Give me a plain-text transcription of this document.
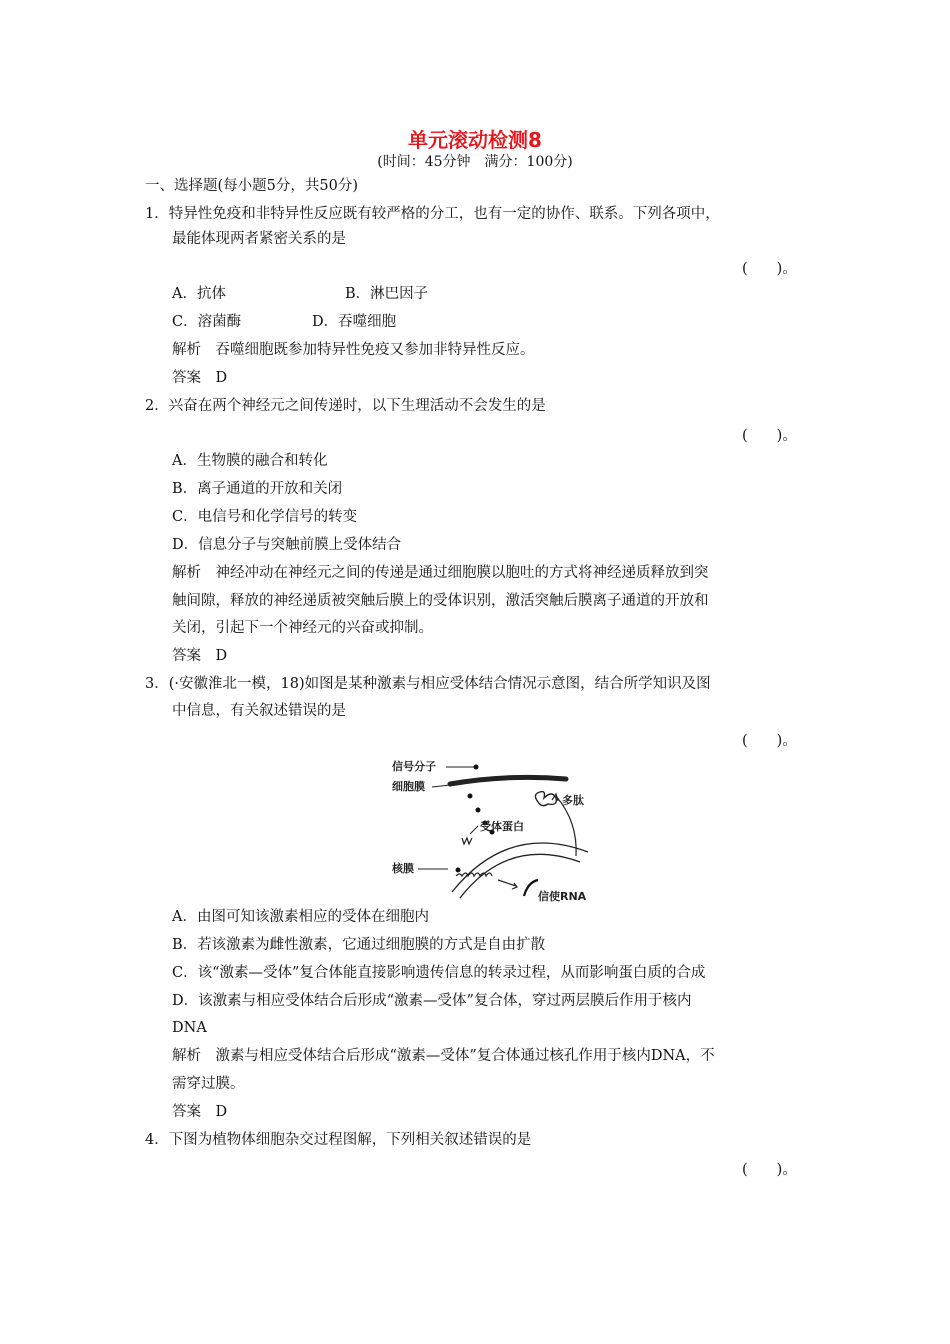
单元滚动检测8
(时间：45分钟　满分：100分)
一、选择题(每小题5分，共50分)
1．特异性免疫和非特异性反应既有较严格的分工，也有一定的协作、联系。下列各项中，
最能体现两者紧密关系的是
(　　)。
A．抗体	B．淋巴因子
C．溶菌酶	D．吞噬细胞
解析　吞噬细胞既参加特异性免疫又参加非特异性反应。
答案　D
2．兴奋在两个神经元之间传递时，以下生理活动不会发生的是
(　　)。
A．生物膜的融合和转化
B．离子通道的开放和关闭
C．电信号和化学信号的转变
D．信息分子与突触前膜上受体结合
解析　神经冲动在神经元之间的传递是通过细胞膜以胞吐的方式将神经递质释放到突
触间隙，释放的神经递质被突触后膜上的受体识别，激活突触后膜离子通道的开放和
关闭，引起下一个神经元的兴奋或抑制。
答案　D
3．(·安徽淮北一模，18)如图是某种激素与相应受体结合情况示意图，结合所学知识及图
中信息，有关叙述错误的是
(　　)。
信号分子
细胞膜
多肽
受体蛋白
核膜
信使RNA
A．由图可知该激素相应的受体在细胞内
B．若该激素为雌性激素，它通过细胞膜的方式是自由扩散
C．该“激素—受体”复合体能直接影响遗传信息的转录过程，从而影响蛋白质的合成
D．该激素与相应受体结合后形成“激素—受体”复合体，穿过两层膜后作用于核内
DNA
解析　激素与相应受体结合后形成“激素—受体”复合体通过核孔作用于核内DNA，不
需穿过膜。
答案　D
4．下图为植物体细胞杂交过程图解，下列相关叙述错误的是
(　　)。
